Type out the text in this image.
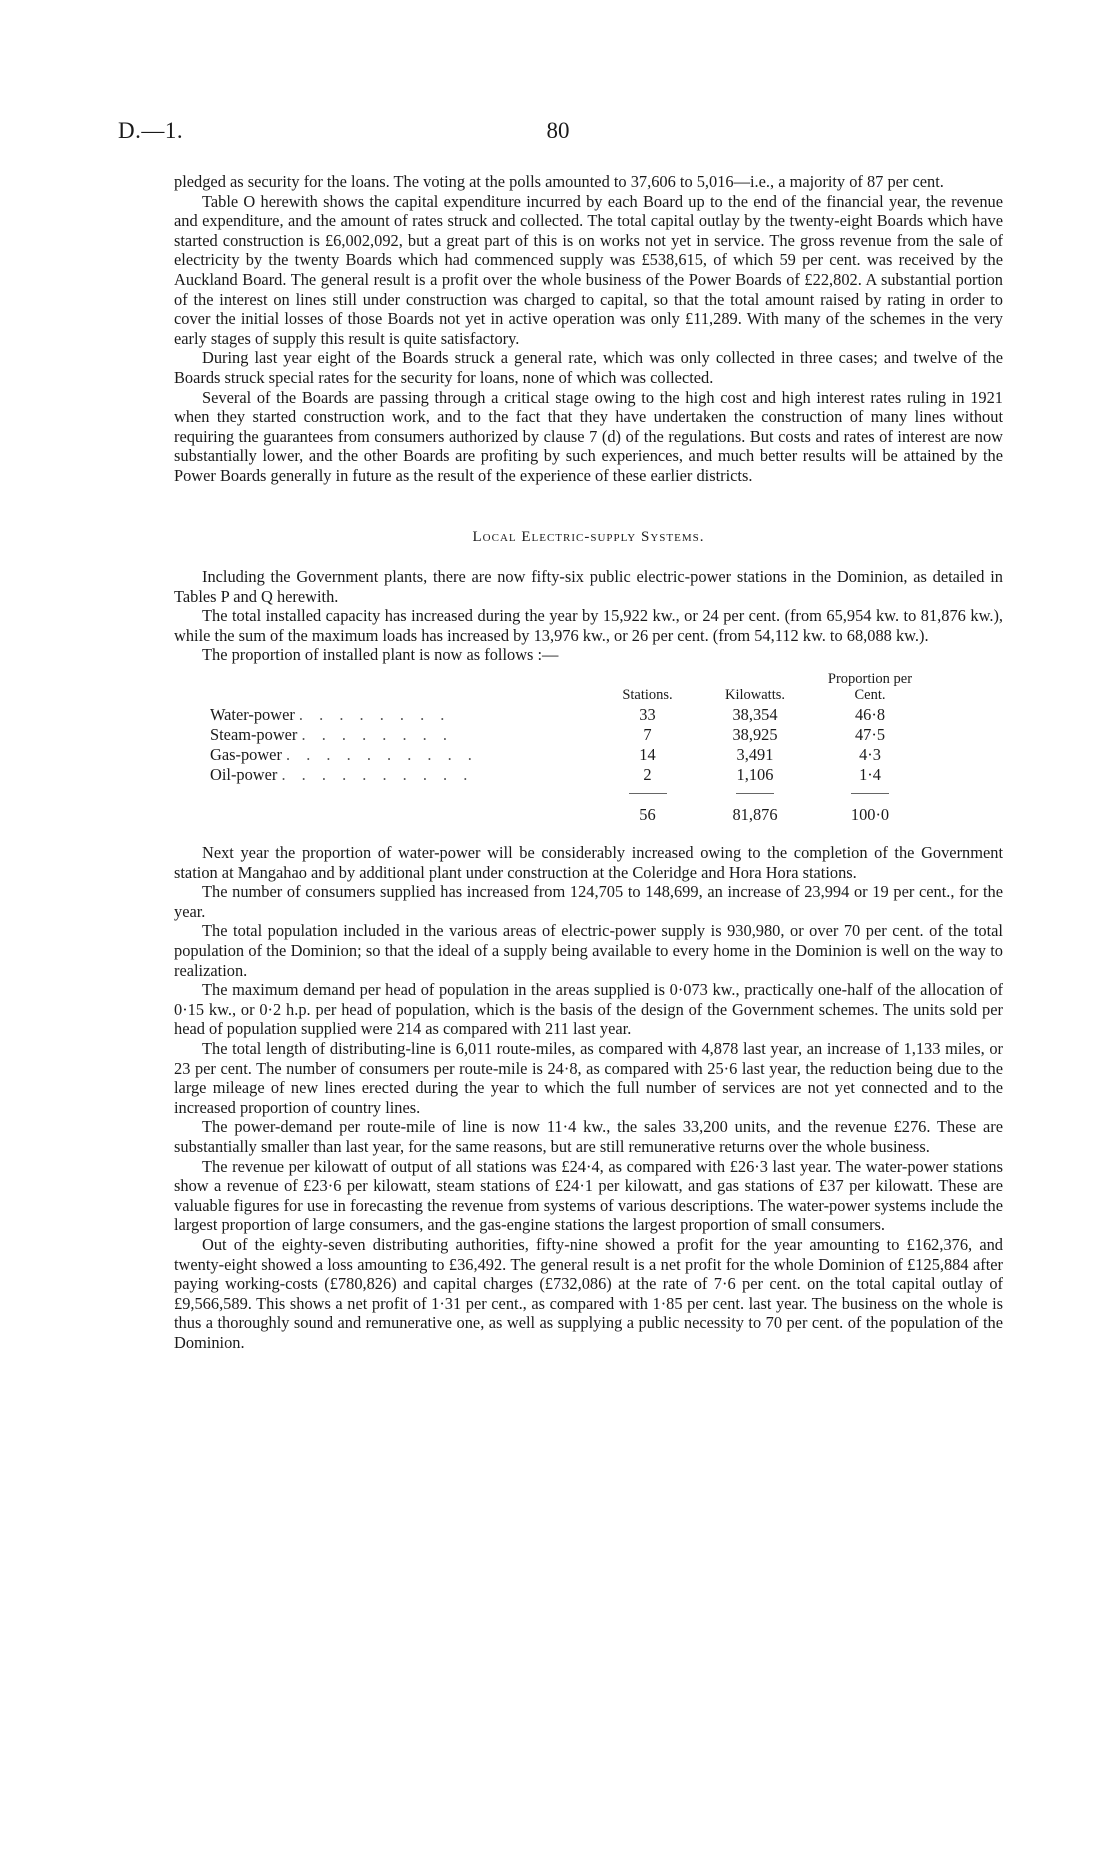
D.—1.	80

pledged as security for the loans. The voting at the polls amounted to 37,606 to 5,016—i.e., a majority of 87 per cent.

Table O herewith shows the capital expenditure incurred by each Board up to the end of the financial year, the revenue and expenditure, and the amount of rates struck and collected. The total capital outlay by the twenty-eight Boards which have started construction is £6,002,092, but a great part of this is on works not yet in service. The gross revenue from the sale of electricity by the twenty Boards which had commenced supply was £538,615, of which 59 per cent. was received by the Auckland Board. The general result is a profit over the whole business of the Power Boards of £22,802. A substantial portion of the interest on lines still under construction was charged to capital, so that the total amount raised by rating in order to cover the initial losses of those Boards not yet in active operation was only £11,289. With many of the schemes in the very early stages of supply this result is quite satisfactory.

During last year eight of the Boards struck a general rate, which was only collected in three cases; and twelve of the Boards struck special rates for the security for loans, none of which was collected.

Several of the Boards are passing through a critical stage owing to the high cost and high interest rates ruling in 1921 when they started construction work, and to the fact that they have undertaken the construction of many lines without requiring the guarantees from consumers authorized by clause 7 (d) of the regulations. But costs and rates of interest are now substantially lower, and the other Boards are profiting by such experiences, and much better results will be attained by the Power Boards generally in future as the result of the experience of these earlier districts.

Local Electric-supply Systems.

Including the Government plants, there are now fifty-six public electric-power stations in the Dominion, as detailed in Tables P and Q herewith.

The total installed capacity has increased during the year by 15,922 kw., or 24 per cent. (from 65,954 kw. to 81,876 kw.), while the sum of the maximum loads has increased by 13,976 kw., or 26 per cent. (from 54,112 kw. to 68,088 kw.).

The proportion of installed plant is now as follows :—

	Stations.	Kilowatts.	Proportion per Cent.
Water-power . . . . . . . .	33	38,354	46·8
Steam-power . . . . . . . .	7	38,925	47·5
Gas-power . . . . . . . . . .	14	3,491	4·3
Oil-power . . . . . . . . . .	2	1,106	1·4

	56	81,876	100·0

Next year the proportion of water-power will be considerably increased owing to the completion of the Government station at Mangahao and by additional plant under construction at the Coleridge and Hora Hora stations.

The number of consumers supplied has increased from 124,705 to 148,699, an increase of 23,994 or 19 per cent., for the year.

The total population included in the various areas of electric-power supply is 930,980, or over 70 per cent. of the total population of the Dominion; so that the ideal of a supply being available to every home in the Dominion is well on the way to realization.

The maximum demand per head of population in the areas supplied is 0·073 kw., practically one-half of the allocation of 0·15 kw., or 0·2 h.p. per head of population, which is the basis of the design of the Government schemes. The units sold per head of population supplied were 214 as compared with 211 last year.

The total length of distributing-line is 6,011 route-miles, as compared with 4,878 last year, an increase of 1,133 miles, or 23 per cent. The number of consumers per route-mile is 24·8, as compared with 25·6 last year, the reduction being due to the large mileage of new lines erected during the year to which the full number of services are not yet connected and to the increased proportion of country lines.

The power-demand per route-mile of line is now 11·4 kw., the sales 33,200 units, and the revenue £276. These are substantially smaller than last year, for the same reasons, but are still remunerative returns over the whole business.

The revenue per kilowatt of output of all stations was £24·4, as compared with £26·3 last year. The water-power stations show a revenue of £23·6 per kilowatt, steam stations of £24·1 per kilowatt, and gas stations of £37 per kilowatt. These are valuable figures for use in forecasting the revenue from systems of various descriptions. The water-power systems include the largest proportion of large consumers, and the gas-engine stations the largest proportion of small consumers.

Out of the eighty-seven distributing authorities, fifty-nine showed a profit for the year amounting to £162,376, and twenty-eight showed a loss amounting to £36,492. The general result is a net profit for the whole Dominion of £125,884 after paying working-costs (£780,826) and capital charges (£732,086) at the rate of 7·6 per cent. on the total capital outlay of £9,566,589. This shows a net profit of 1·31 per cent., as compared with 1·85 per cent. last year. The business on the whole is thus a thoroughly sound and remunerative one, as well as supplying a public necessity to 70 per cent. of the population of the Dominion.
